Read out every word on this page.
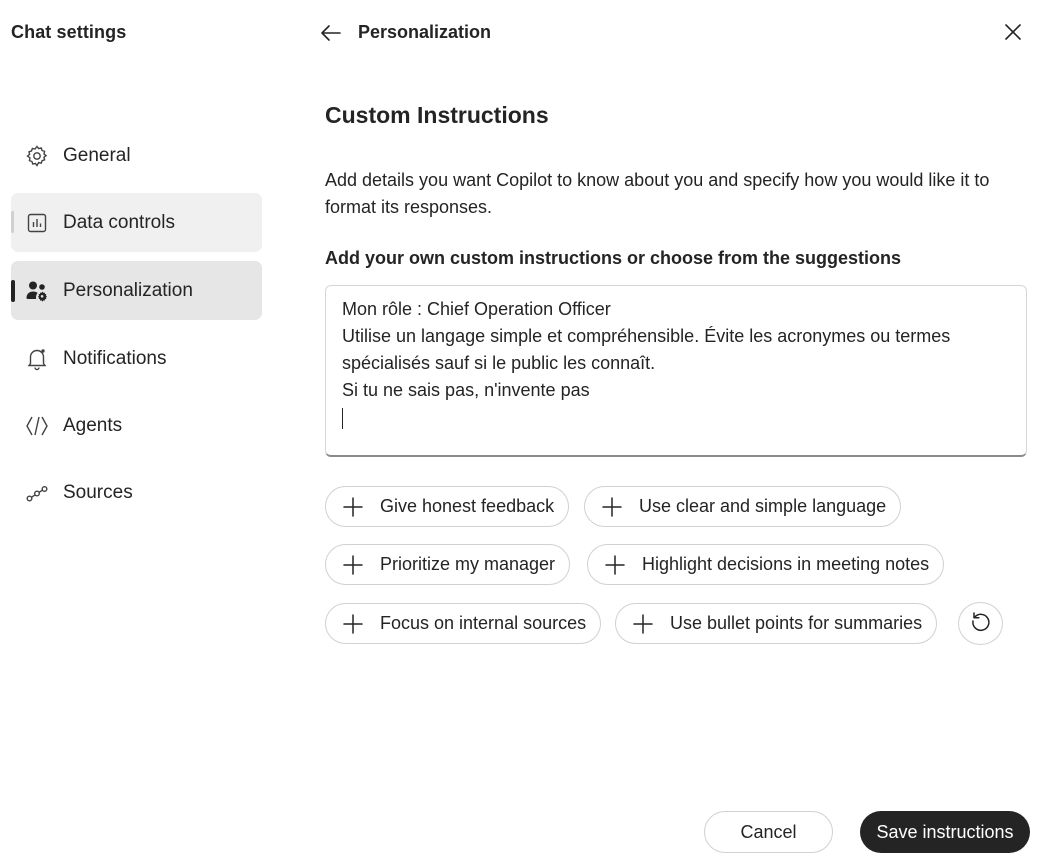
Chat settings
General
Data controls
Personalization
Notifications
Agents
Sources
Personalization
Custom Instructions
Add details you want Copilot to know about you and specify how you would like it to format its responses.
Add your own custom instructions or choose from the suggestions
Mon rôle : Chief Operation Officer
Utilise un langage simple et compréhensible. Évite les acronymes ou termes spécialisés sauf si le public les connaît.
Si tu ne sais pas, n'invente pas

Give honest feedback	Use clear and simple language
Prioritize my manager	Highlight decisions in meeting notes
Focus on internal sources	Use bullet points for summaries
Cancel	Save instructions
